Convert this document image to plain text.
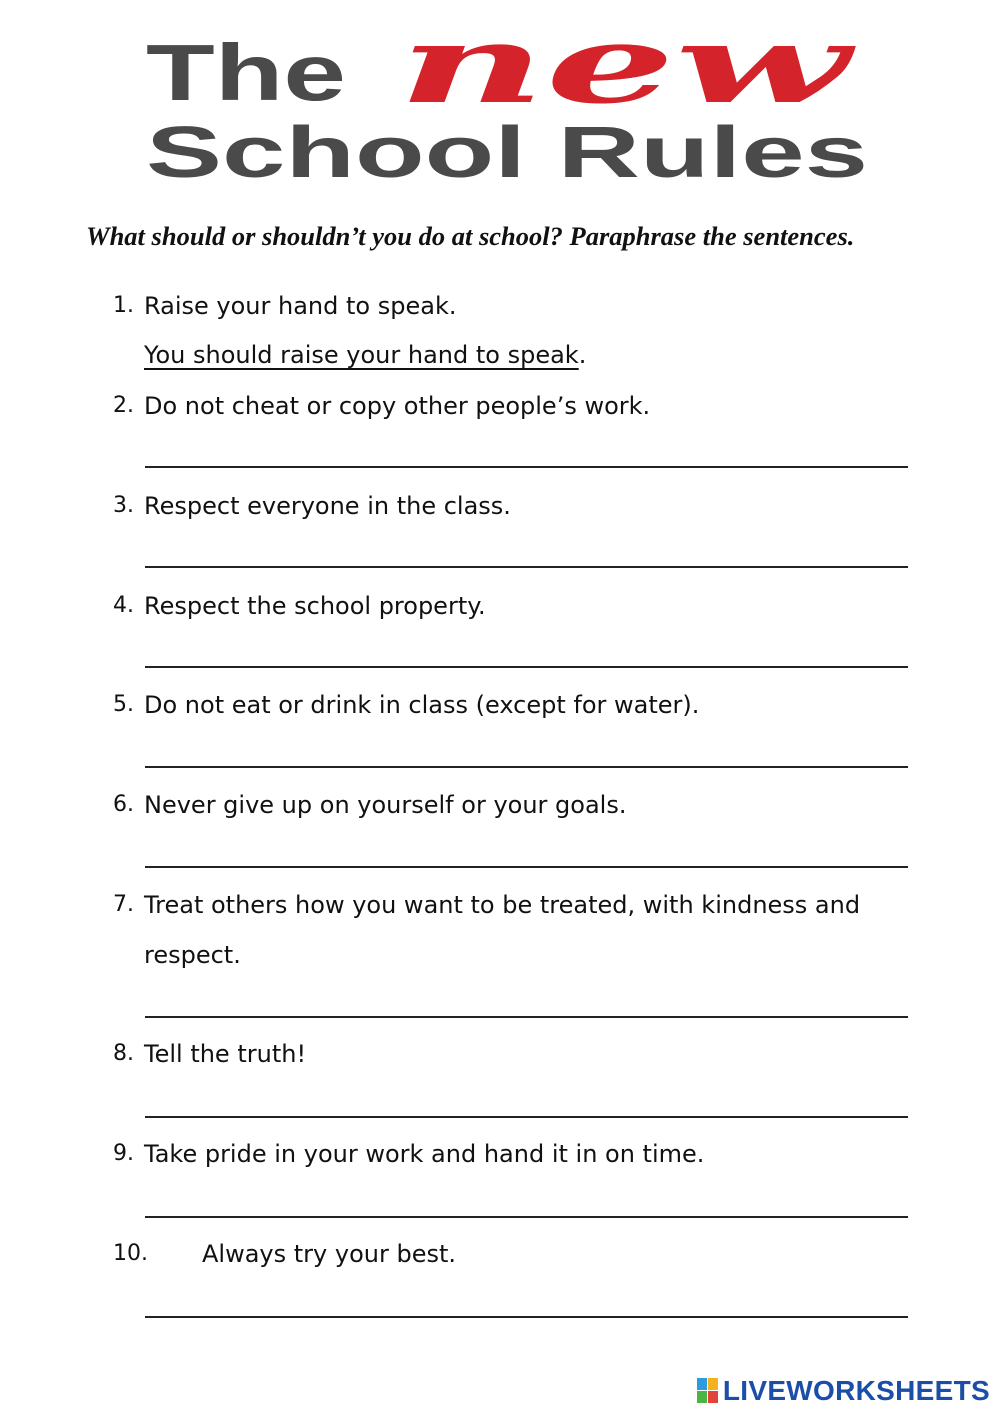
The new
School Rules
What should or shouldn’t you do at school? Paraphrase the sentences.
1. Raise your hand to speak.
You should raise your hand to speak.
2. Do not cheat or copy other people’s work.
3. Respect everyone in the class.
4. Respect the school property.
5. Do not eat or drink in class (except for water).
6. Never give up on yourself or your goals.
7. Treat others how you want to be treated, with kindness and
respect.
8. Tell the truth!
9. Take pride in your work and hand it in on time.
10. Always try your best.
LIVEWORKSHEETS
